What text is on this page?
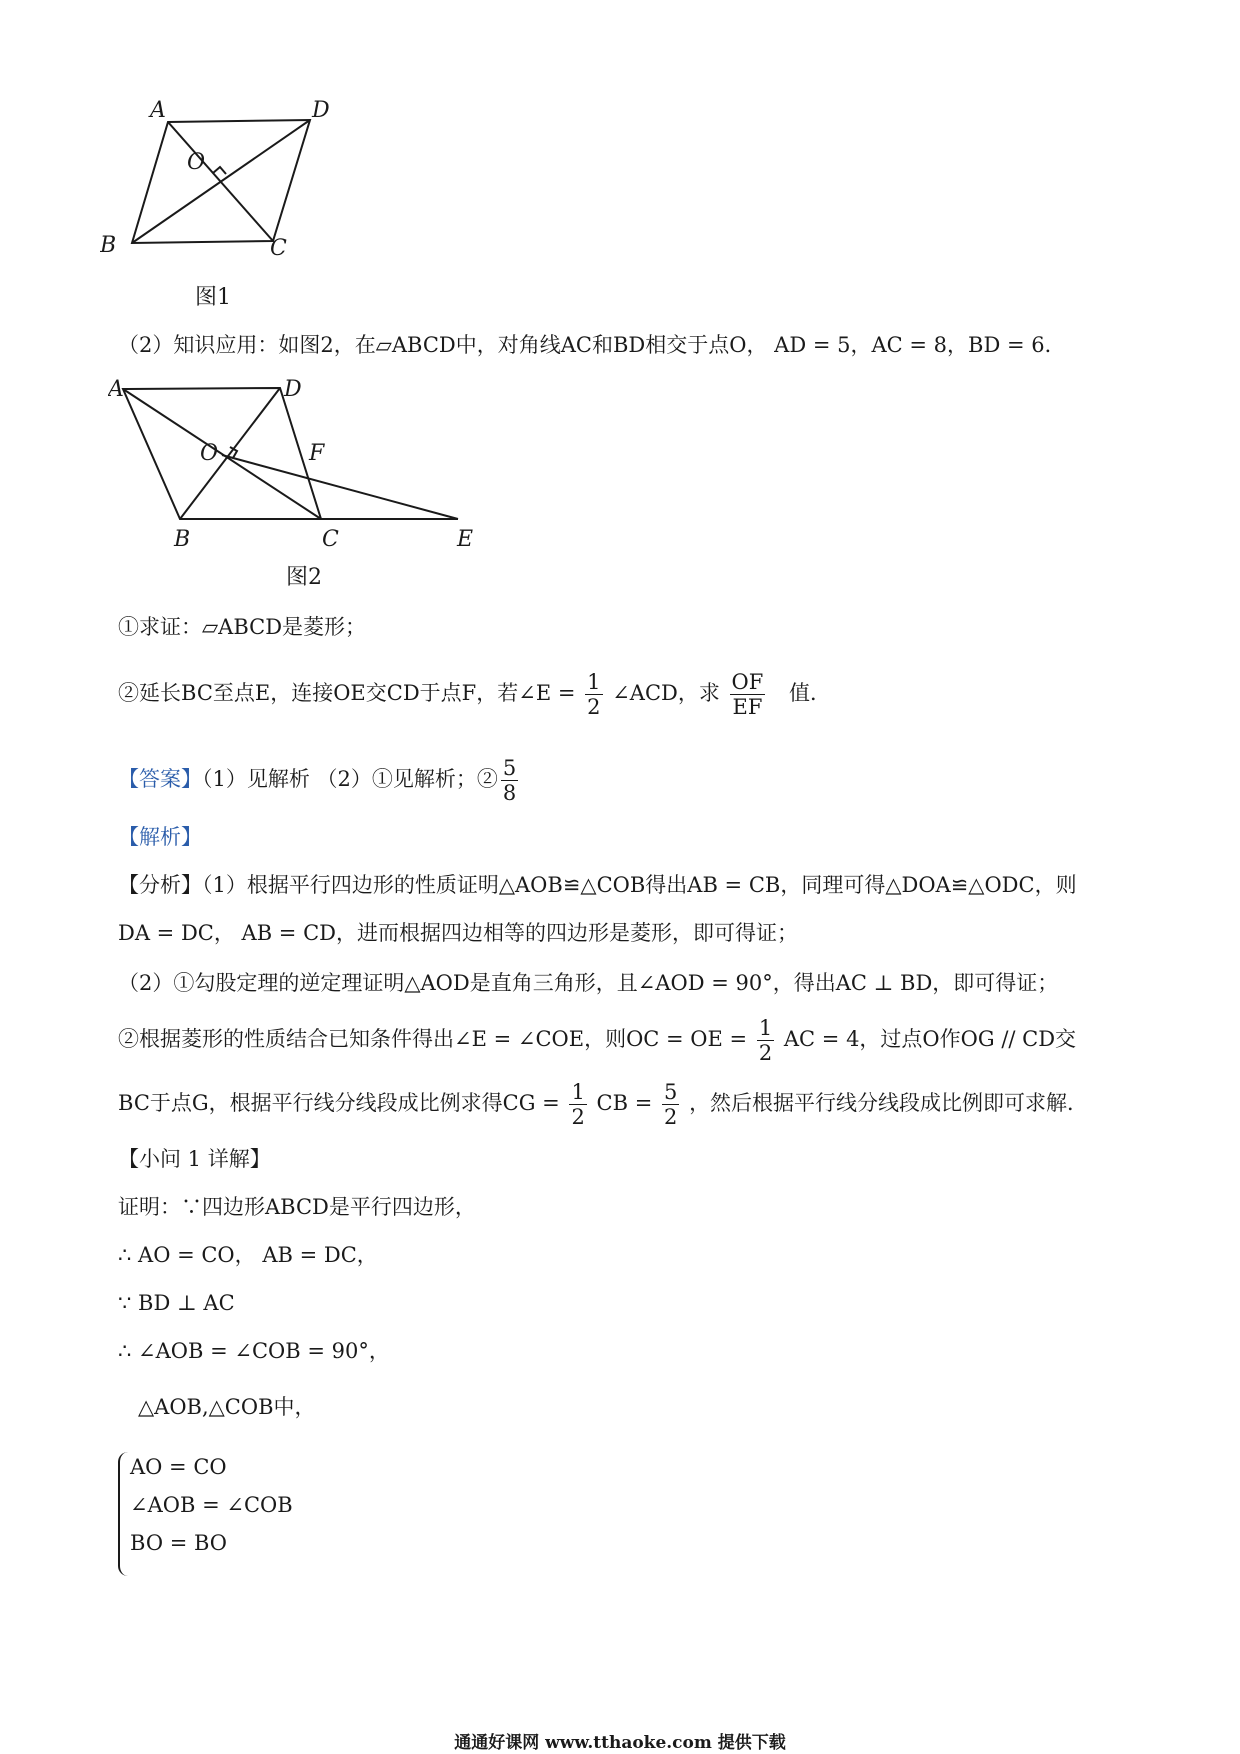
A	D
O
B	C
图1
（2）知识应用：如图2，在▱ABCD中，对角线AC和BD相交于点O， AD = 5，AC = 8，BD = 6．
A	D
O	F
B	C	E
图2
①求证：▱ABCD是菱形；
②延长BC至点E，连接OE交CD于点F，若∠E = $\frac{1}{2}$ ∠ACD，求 $\frac{OF}{EF}$ 值．
【答案】（1）见解析 （2）①见解析；② $\frac{5}{8}$
【解析】
【分析】（1）根据平行四边形的性质证明△AOB≌△COB得出AB = CB，同理可得△DOA≌△ODC，则
DA = DC， AB = CD，进而根据四边相等的四边形是菱形，即可得证；
（2）①勾股定理的逆定理证明△AOD是直角三角形，且∠AOD = 90°，得出AC ⊥ BD，即可得证；
②根据菱形的性质结合已知条件得出∠E = ∠COE，则OC = OE = $\frac{1}{2}$ AC = 4，过点O作OG // CD交
BC于点G，根据平行线分线段成比例求得CG = $\frac{1}{2}$ CB = $\frac{5}{2}$ ，然后根据平行线分线段成比例即可求解．
【小问 1 详解】
证明：∵四边形ABCD是平行四边形，
∴ AO = CO， AB = DC，
∵ BD ⊥ AC
∴ ∠AOB = ∠COB = 90°，
△AOB,△COB中，
AO = CO
∠AOB = ∠COB
BO = BO
通通好课网 www.tthaoke.com 提供下载
